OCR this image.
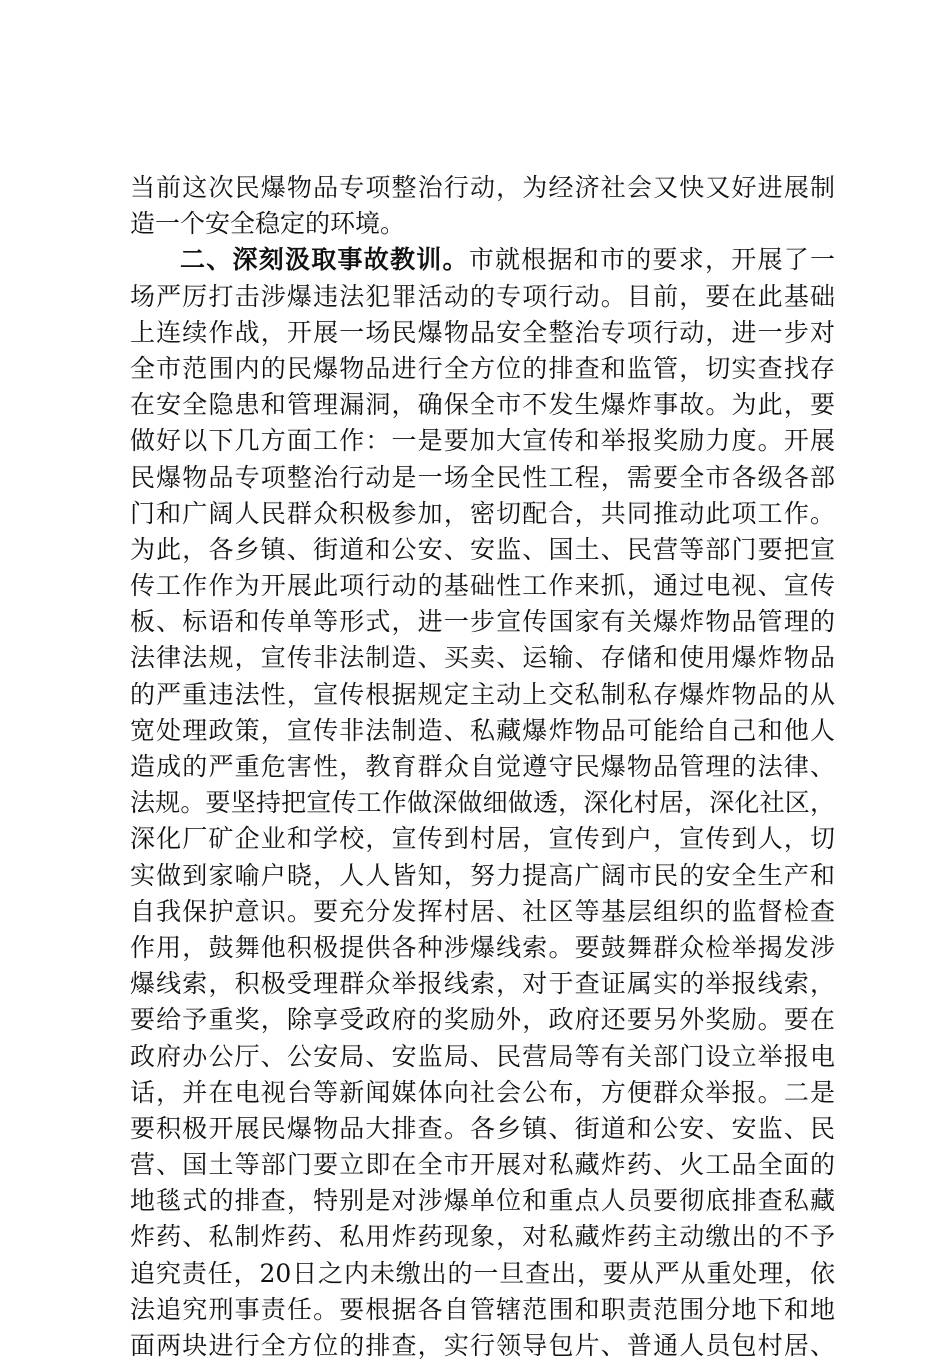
当前这次民爆物品专项整治行动，为经济社会又快又好进展制
造一个安全稳定的环境。
二、深刻汲取事故教训。市就根据和市的要求，开展了一
场严厉打击涉爆违法犯罪活动的专项行动。目前，要在此基础
上连续作战，开展一场民爆物品安全整治专项行动，进一步对
全市范围内的民爆物品进行全方位的排查和监管，切实查找存
在安全隐患和管理漏洞，确保全市不发生爆炸事故。为此，要
做好以下几方面工作：一是要加大宣传和举报奖励力度。开展
民爆物品专项整治行动是一场全民性工程，需要全市各级各部
门和广阔人民群众积极参加，密切配合，共同推动此项工作。
为此，各乡镇、街道和公安、安监、国土、民营等部门要把宣
传工作作为开展此项行动的基础性工作来抓，通过电视、宣传
板、标语和传单等形式，进一步宣传国家有关爆炸物品管理的
法律法规，宣传非法制造、买卖、运输、存储和使用爆炸物品
的严重违法性，宣传根据规定主动上交私制私存爆炸物品的从
宽处理政策，宣传非法制造、私藏爆炸物品可能给自己和他人
造成的严重危害性，教育群众自觉遵守民爆物品管理的法律、
法规。要坚持把宣传工作做深做细做透，深化村居，深化社区，
深化厂矿企业和学校，宣传到村居，宣传到户，宣传到人，切
实做到家喻户晓，人人皆知，努力提高广阔市民的安全生产和
自我保护意识。要充分发挥村居、社区等基层组织的监督检查
作用，鼓舞他积极提供各种涉爆线索。要鼓舞群众检举揭发涉
爆线索，积极受理群众举报线索，对于查证属实的举报线索，
要给予重奖，除享受政府的奖励外，政府还要另外奖励。要在
政府办公厅、公安局、安监局、民营局等有关部门设立举报电
话，并在电视台等新闻媒体向社会公布，方便群众举报。二是
要积极开展民爆物品大排查。各乡镇、街道和公安、安监、民
营、国土等部门要立即在全市开展对私藏炸药、火工品全面的
地毯式的排查，特别是对涉爆单位和重点人员要彻底排查私藏
炸药、私制炸药、私用炸药现象，对私藏炸药主动缴出的不予
追究责任，20日之内未缴出的一旦查出，要从严从重处理，依
法追究刑事责任。要根据各自管辖范围和职责范围分地下和地
面两块进行全方位的排查，实行领导包片、普通人员包村居、
